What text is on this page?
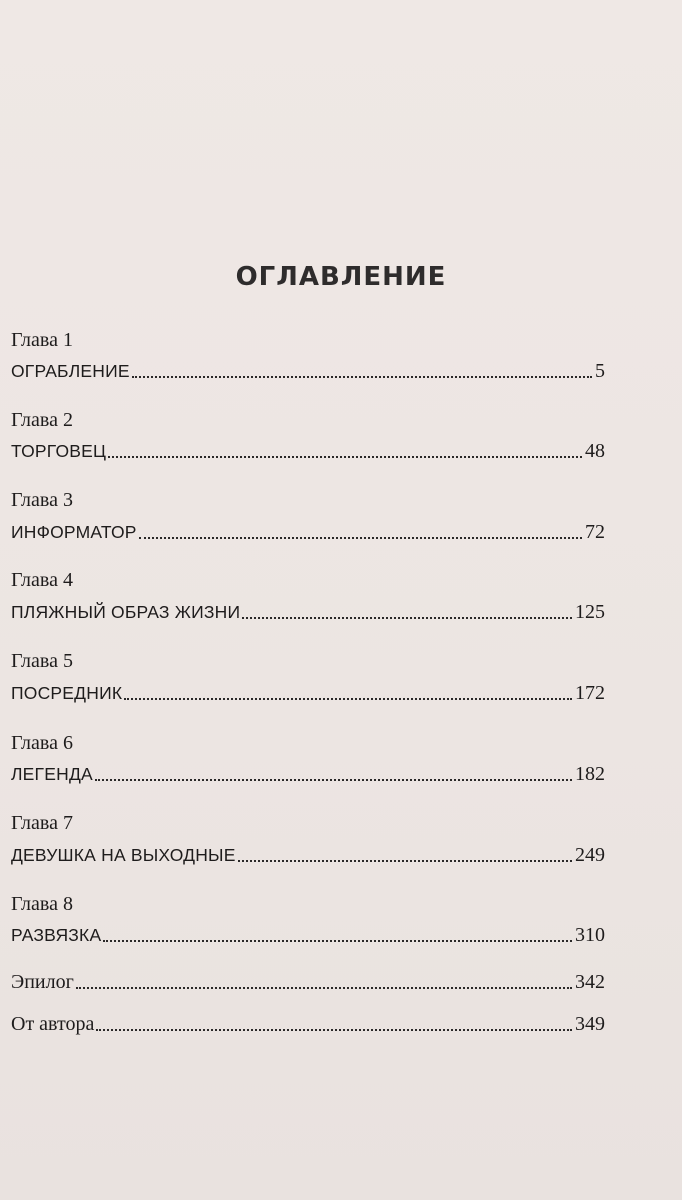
ОГЛАВЛЕНИЕ
Глава 1
ОГРАБЛЕНИЕ	5
Глава 2
ТОРГОВЕЦ	48
Глава 3
ИНФОРМАТОР	72
Глава 4
ПЛЯЖНЫЙ ОБРАЗ ЖИЗНИ	125
Глава 5
ПОСРЕДНИК	172
Глава 6
ЛЕГЕНДА	182
Глава 7
ДЕВУШКА НА ВЫХОДНЫЕ	249
Глава 8
РАЗВЯЗКА	310
Эпилог	342
От автора	349
